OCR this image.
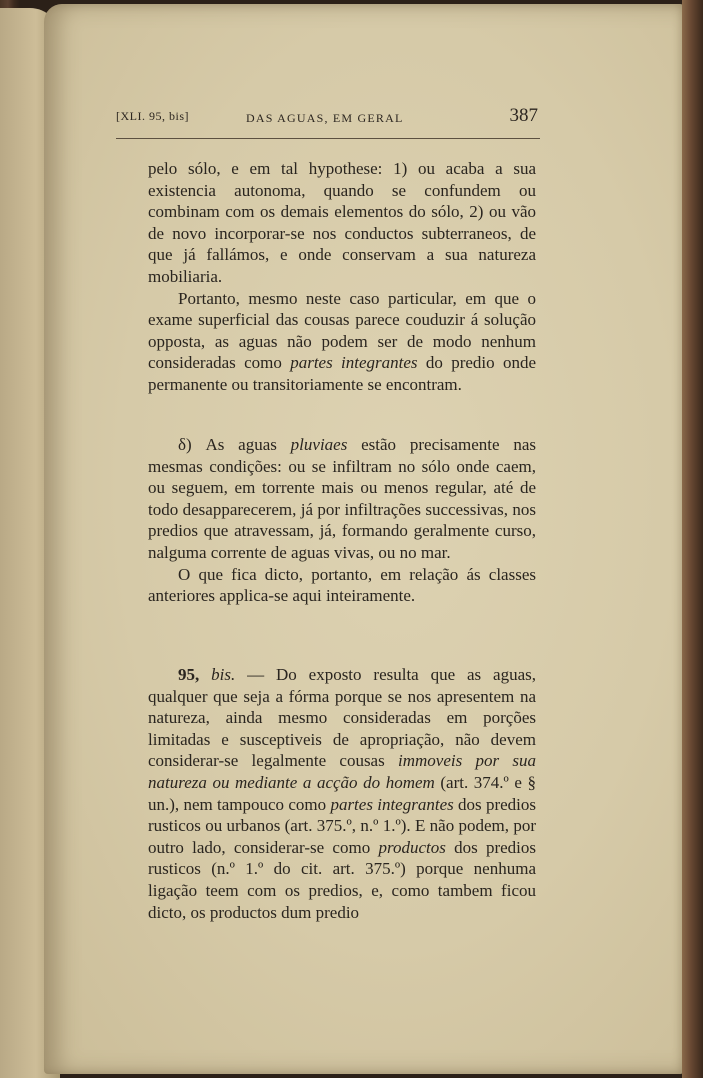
[XLI. 95, bis]	DAS AGUAS, EM GERAL	387

pelo sólo, e em tal hypothese: 1) ou acaba a sua existencia autonoma, quando se confundem ou combinam com os demais elementos do sólo, 2) ou vão de novo incorporar-se nos conductos subterraneos, de que já fallámos, e onde conservam a sua natureza mobiliaria.

Portanto, mesmo neste caso particular, em que o exame superficial das cousas parece couduzir á solução opposta, as aguas não podem ser de modo nenhum consideradas como partes integrantes do predio onde permanente ou transitoriamente se encontram.

δ) As aguas pluviaes estão precisamente nas mesmas condições: ou se infiltram no sólo onde caem, ou seguem, em torrente mais ou menos regular, até de todo desapparecerem, já por infiltrações successivas, nos predios que atravessam, já, formando geralmente curso, nalguma corrente de aguas vivas, ou no mar.

O que fica dicto, portanto, em relação ás classes anteriores applica-se aqui inteiramente.

95, bis. — Do exposto resulta que as aguas, qualquer que seja a fórma porque se nos apresentem na natureza, ainda mesmo consideradas em porções limitadas e susceptiveis de apropriação, não devem considerar-se legalmente cousas immoveis por sua natureza ou mediante a acção do homem (art. 374.º e § un.), nem tampouco como partes integrantes dos predios rusticos ou urbanos (art. 375.º, n.º 1.º). E não podem, por outro lado, considerar-se como productos dos predios rusticos (n.º 1.º do cit. art. 375.º) porque nenhuma ligação teem com os predios, e, como tambem ficou dicto, os productos dum predio
